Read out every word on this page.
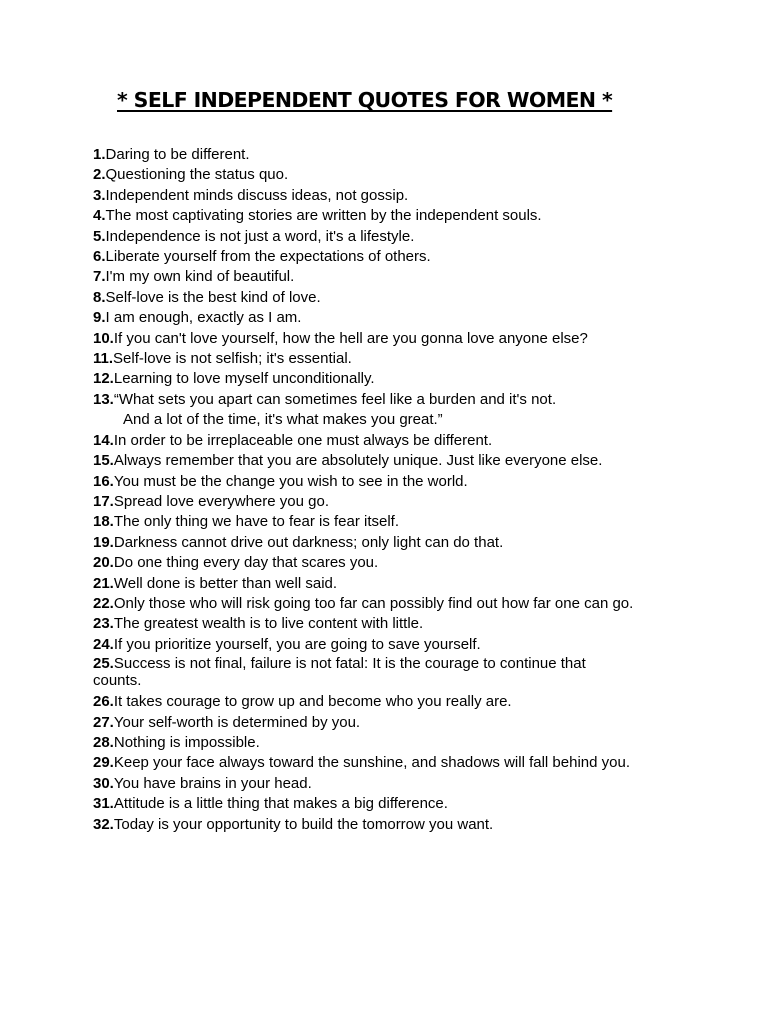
* SELF INDEPENDENT QUOTES FOR WOMEN *
1.Daring to be different.
2.Questioning the status quo.
3.Independent minds discuss ideas, not gossip.
4.The most captivating stories are written by the independent souls.
5.Independence is not just a word, it's a lifestyle.
6.Liberate yourself from the expectations of others.
7.I'm my own kind of beautiful.
8.Self-love is the best kind of love.
9.I am enough, exactly as I am.
10.If you can't love yourself, how the hell are you gonna love anyone else?
11.Self-love is not selfish; it's essential.
12.Learning to love myself unconditionally.
13.“What sets you apart can sometimes feel like a burden and it's not.
And a lot of the time, it's what makes you great.”
14.In order to be irreplaceable one must always be different.
15.Always remember that you are absolutely unique. Just like everyone else.
16.You must be the change you wish to see in the world.
17.Spread love everywhere you go.
18.The only thing we have to fear is fear itself.
19.Darkness cannot drive out darkness; only light can do that.
20.Do one thing every day that scares you.
21.Well done is better than well said.
22.Only those who will risk going too far can possibly find out how far one can go.
23.The greatest wealth is to live content with little.
24.If you prioritize yourself, you are going to save yourself.
25.Success is not final, failure is not fatal: It is the courage to continue that
counts.
26.It takes courage to grow up and become who you really are.
27.Your self-worth is determined by you.
28.Nothing is impossible.
29.Keep your face always toward the sunshine, and shadows will fall behind you.
30.You have brains in your head.
31.Attitude is a little thing that makes a big difference.
32.Today is your opportunity to build the tomorrow you want.
